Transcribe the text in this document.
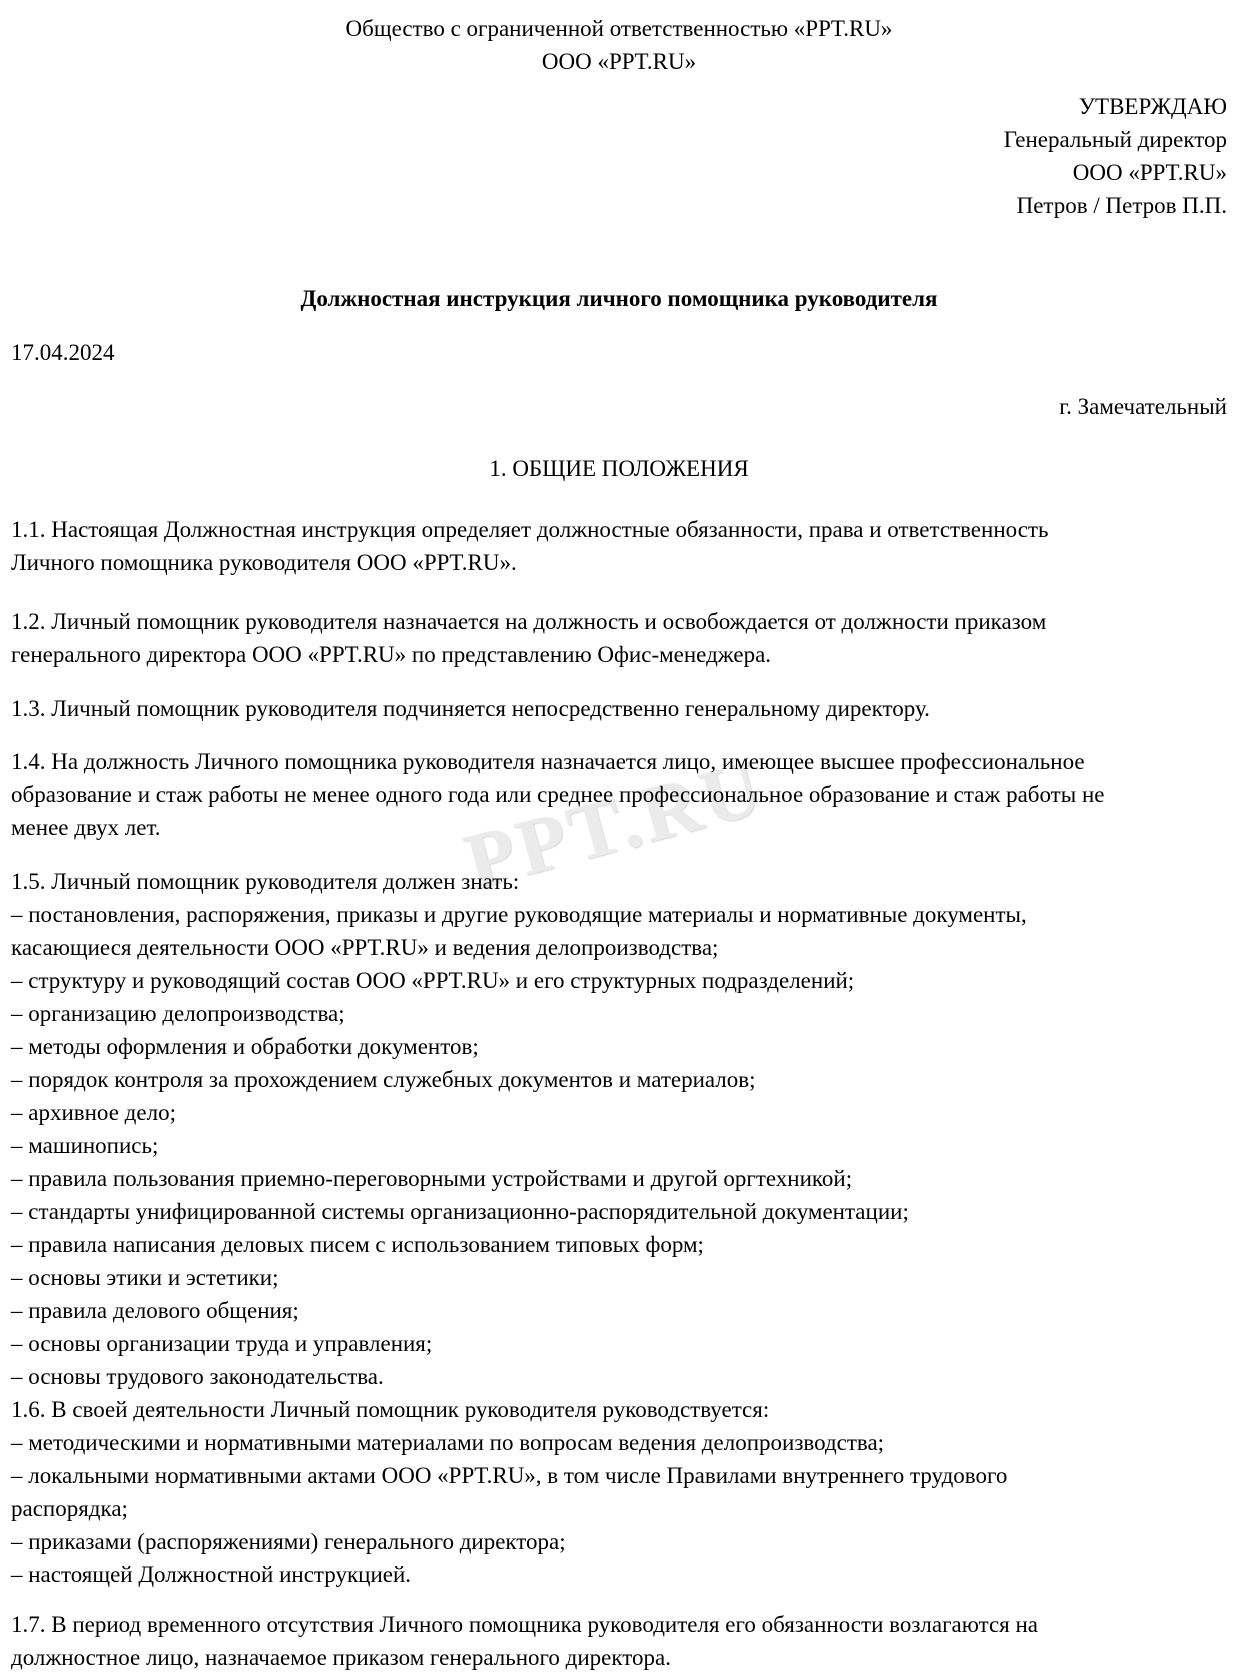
PPT.RU
Общество с ограниченной ответственностью «PPT.RU»
ООО «PPT.RU»
УТВЕРЖДАЮ
Генеральный директор
ООО «PPT.RU»
Петров / Петров П.П.
Должностная инструкция личного помощника руководителя
17.04.2024
г. Замечательный
1. ОБЩИЕ ПОЛОЖЕНИЯ
1.1. Настоящая Должностная инструкция определяет должностные обязанности, права и ответственность
Личного помощника руководителя ООО «PPT.RU».
1.2. Личный помощник руководителя назначается на должность и освобождается от должности приказом
генерального директора ООО «PPT.RU» по представлению Офис-менеджера.
1.3. Личный помощник руководителя подчиняется непосредственно генеральному директору.
1.4. На должность Личного помощника руководителя назначается лицо, имеющее высшее профессиональное
образование и стаж работы не менее одного года или среднее профессиональное образование и стаж работы не
менее двух лет.
1.5. Личный помощник руководителя должен знать:
– постановления, распоряжения, приказы и другие руководящие материалы и нормативные документы,
касающиеся деятельности ООО «PPT.RU» и ведения делопроизводства;
– структуру и руководящий состав ООО «PPT.RU» и его структурных подразделений;
– организацию делопроизводства;
– методы оформления и обработки документов;
– порядок контроля за прохождением служебных документов и материалов;
– архивное дело;
– машинопись;
– правила пользования приемно-переговорными устройствами и другой оргтехникой;
– стандарты унифицированной системы организационно-распорядительной документации;
– правила написания деловых писем с использованием типовых форм;
– основы этики и эстетики;
– правила делового общения;
– основы организации труда и управления;
– основы трудового законодательства.
1.6. В своей деятельности Личный помощник руководителя руководствуется:
– методическими и нормативными материалами по вопросам ведения делопроизводства;
– локальными нормативными актами ООО «PPT.RU», в том числе Правилами внутреннего трудового
распорядка;
– приказами (распоряжениями) генерального директора;
– настоящей Должностной инструкцией.
1.7. В период временного отсутствия Личного помощника руководителя его обязанности возлагаются на
должностное лицо, назначаемое приказом генерального директора.
